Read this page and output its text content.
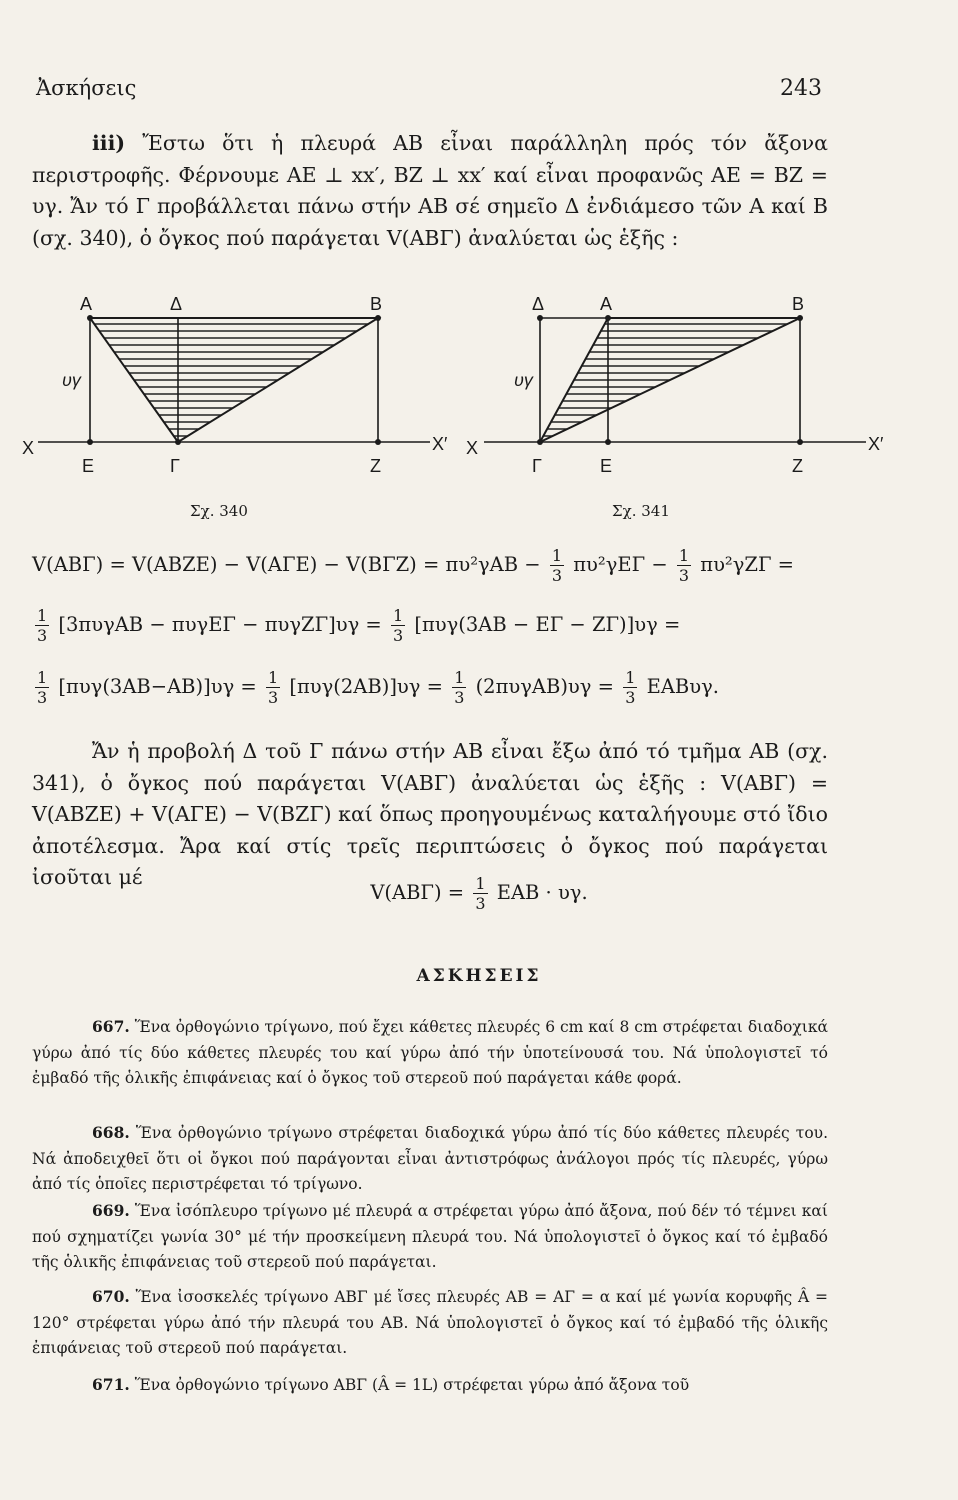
Ἀσκήσεις	243
iii) Ἔστω ὅτι ἡ πλευρά ΑΒ εἶναι παράλληλη πρός τόν ἄξονα περιστροφῆς. Φέρνουμε ΑΕ ⊥ xx′, ΒΖ ⊥ xx′ καί εἶναι προφανῶς ΑΕ = ΒΖ = υγ. Ἄν τό Γ προβάλλεται πάνω στήν ΑΒ σέ σημεῖο Δ ἐνδιάμεσο τῶν Α καί Β (σχ. 340), ὁ ὄγκος πού παράγεται V(ΑΒΓ) ἀναλύεται ὡς ἑξῆς :
A	Δ	B
υγ
X
E	Γ	Z
X′
Σχ. 340
Δ	A	B
υγ
X
Γ	E	Z
X′
Σχ. 341
$V(AB\Gamma) = V(ABZE) - V(A\Gamma E) - V(B\Gamma Z) = \pi\upsilon^2\gamma AB - \frac{1}{3} \pi\upsilon^2\gamma E\Gamma - \frac{1}{3} \pi\upsilon^2\gamma Z\Gamma$ =
$\frac{1}{3} [3\pi\upsilon\gamma AB - \pi\upsilon\gamma E\Gamma - \pi\upsilon\gamma Z\Gamma]\upsilon\gamma = \frac{1}{3} [\pi\upsilon\gamma(3AB - E\Gamma - Z\Gamma)]\upsilon\gamma$ =
$\frac{1}{3} [\pi\upsilon\gamma(3AB-AB)]\upsilon\gamma = \frac{1}{3} [\pi\upsilon\gamma(2AB)]\upsilon\gamma = \frac{1}{3} (2\pi\upsilon\gamma AB)\upsilon\gamma = \frac{1}{3} EAB\upsilon\gamma$.
Ἄν ἡ προβολή Δ τοῦ Γ πάνω στήν ΑΒ εἶναι ἔξω ἀπό τό τμῆμα ΑΒ (σχ. 341), ὁ ὄγκος πού παράγεται V(ΑΒΓ) ἀναλύεται ὡς ἑξῆς : V(ΑΒΓ) = V(ΑΒΖΕ) + V(ΑΓΕ) − V(ΒΖΓ) καί ὅπως προηγουμένως καταλήγουμε στό ἴδιο ἀποτέλεσμα. Ἄρα καί στίς τρεῖς περιπτώσεις ὁ ὄγκος πού παράγεται ἰσοῦται μέ
$V(AB\Gamma) = \frac{1}{3}$ ΕΑΒ · υγ.
ΑΣΚΗΣΕΙΣ
667. Ἕνα ὀρθογώνιο τρίγωνο, πού ἔχει κάθετες πλευρές 6 cm καί 8 cm στρέφεται διαδοχικά γύρω ἀπό τίς δύο κάθετες πλευρές του καί γύρω ἀπό τήν ὑποτείνουσά του. Νά ὑπολογιστεῖ τό ἐμβαδό τῆς ὁλικῆς ἐπιφάνειας καί ὁ ὄγκος τοῦ στερεοῦ πού παράγεται κάθε φορά.
668. Ἕνα ὀρθογώνιο τρίγωνο στρέφεται διαδοχικά γύρω ἀπό τίς δύο κάθετες πλευρές του. Νά ἀποδειχθεῖ ὅτι οἱ ὄγκοι πού παράγονται εἶναι ἀντιστρόφως ἀνάλογοι πρός τίς πλευρές, γύρω ἀπό τίς ὁποῖες περιστρέφεται τό τρίγωνο.
669. Ἕνα ἰσόπλευρο τρίγωνο μέ πλευρά α στρέφεται γύρω ἀπό ἄξονα, πού δέν τό τέμνει καί πού σχηματίζει γωνία 30° μέ τήν προσκείμενη πλευρά του. Νά ὑπολογιστεῖ ὁ ὄγκος καί τό ἐμβαδό τῆς ὁλικῆς ἐπιφάνειας τοῦ στερεοῦ πού παράγεται.
670. Ἕνα ἰσοσκελές τρίγωνο ΑΒΓ μέ ἴσες πλευρές ΑΒ = ΑΓ = α καί μέ γωνία κορυφῆς Â = 120° στρέφεται γύρω ἀπό τήν πλευρά του ΑΒ. Νά ὑπολογιστεῖ ὁ ὄγκος καί τό ἐμβαδό τῆς ὁλικῆς ἐπιφάνειας τοῦ στερεοῦ πού παράγεται.
671. Ἕνα ὀρθογώνιο τρίγωνο ΑΒΓ (Â = 1L) στρέφεται γύρω ἀπό ἄξονα τοῦ
